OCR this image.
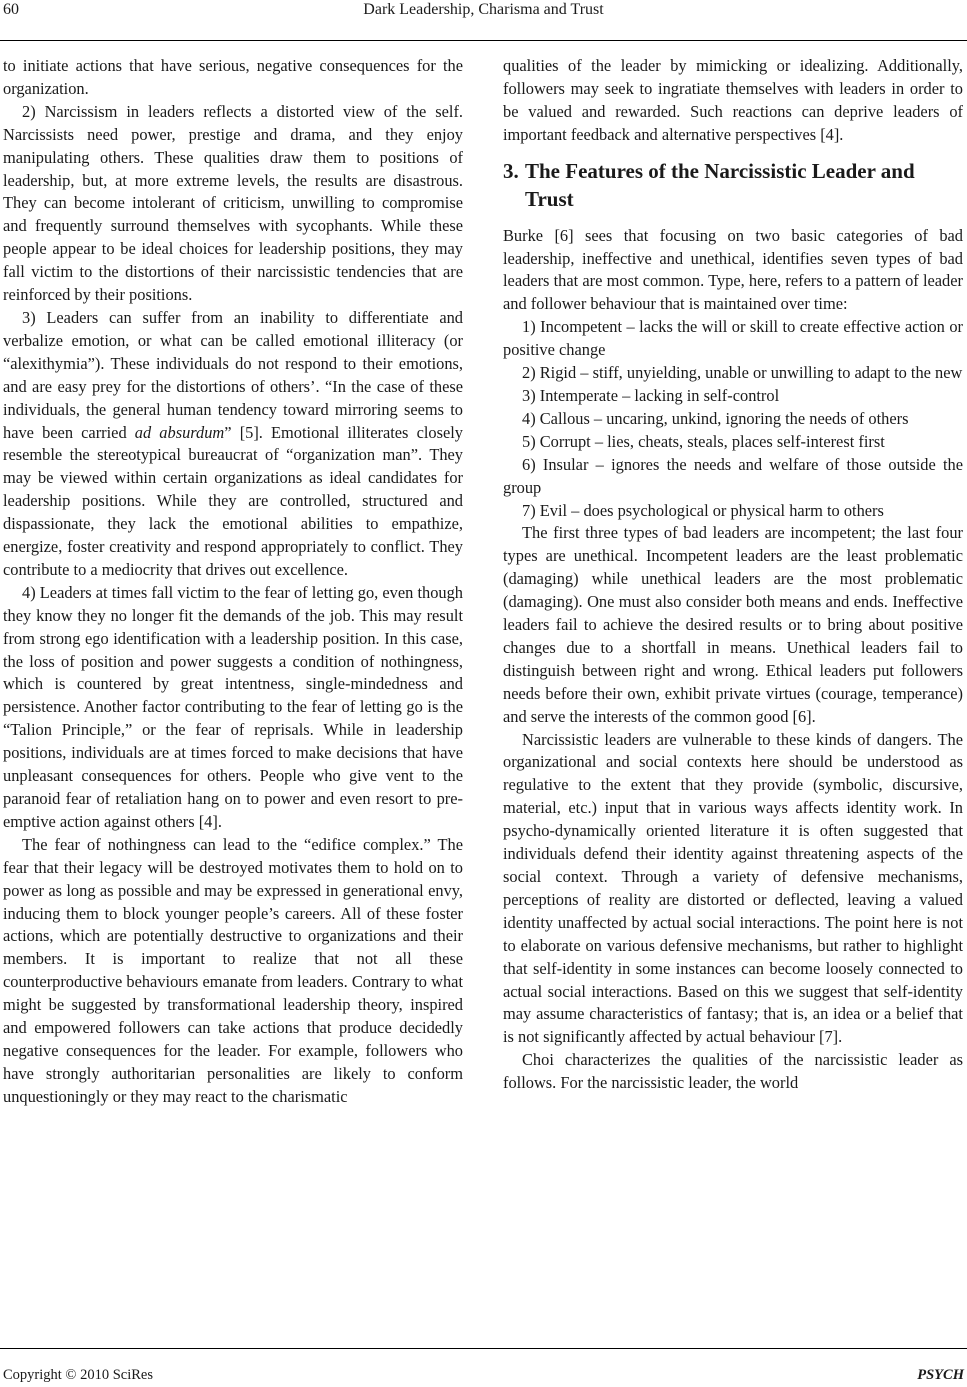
60	Dark Leadership, Charisma and Trust

to initiate actions that have serious, negative consequences for the organization.

2) Narcissism in leaders reflects a distorted view of the self. Narcissists need power, prestige and drama, and they enjoy manipulating others. These qualities draw them to positions of leadership, but, at more extreme levels, the results are disastrous. They can become intolerant of criticism, unwilling to compromise and frequently surround themselves with sycophants. While these people appear to be ideal choices for leadership positions, they may fall victim to the distortions of their narcissistic tendencies that are reinforced by their positions.

3) Leaders can suffer from an inability to differentiate and verbalize emotion, or what can be called emotional illiteracy (or “alexithymia”). These individuals do not respond to their emotions, and are easy prey for the distortions of others’. “In the case of these individuals, the general human tendency toward mirroring seems to have been carried ad absurdum” [5]. Emotional illiterates closely resemble the stereotypical bureaucrat of “organization man”. They may be viewed within certain organizations as ideal candidates for leadership positions. While they are controlled, structured and dispassionate, they lack the emotional abilities to empathize, energize, foster creativity and respond appropriately to conflict. They contribute to a mediocrity that drives out excellence.

4) Leaders at times fall victim to the fear of letting go, even though they know they no longer fit the demands of the job. This may result from strong ego identification with a leadership position. In this case, the loss of position and power suggests a condition of nothingness, which is countered by great intentness, single-mindedness and persistence. Another factor contributing to the fear of letting go is the “Talion Principle,” or the fear of reprisals. While in leadership positions, individuals are at times forced to make decisions that have unpleasant consequences for others. People who give vent to the paranoid fear of retaliation hang on to power and even resort to pre-emptive action against others [4].

The fear of nothingness can lead to the “edifice complex.” The fear that their legacy will be destroyed motivates them to hold on to power as long as possible and may be expressed in generational envy, inducing them to block younger people’s careers. All of these foster actions, which are potentially destructive to organizations and their members. It is important to realize that not all these counterproductive behaviours emanate from leaders. Contrary to what might be suggested by transformational leadership theory, inspired and empowered followers can take actions that produce decidedly negative consequences for the leader. For example, followers who have strongly authoritarian personalities are likely to conform unquestioningly or they may react to the charismatic

qualities of the leader by mimicking or idealizing. Additionally, followers may seek to ingratiate themselves with leaders in order to be valued and rewarded. Such reactions can deprive leaders of important feedback and alternative perspectives [4].

3. The Features of the Narcissistic Leader and Trust

Burke [6] sees that focusing on two basic categories of bad leadership, ineffective and unethical, identifies seven types of bad leaders that are most common. Type, here, refers to a pattern of leader and follower behaviour that is maintained over time:

1) Incompetent – lacks the will or skill to create effective action or positive change

2) Rigid – stiff, unyielding, unable or unwilling to adapt to the new

3) Intemperate – lacking in self-control

4) Callous – uncaring, unkind, ignoring the needs of others

5) Corrupt – lies, cheats, steals, places self-interest first

6) Insular – ignores the needs and welfare of those outside the group

7) Evil – does psychological or physical harm to others

The first three types of bad leaders are incompetent; the last four types are unethical. Incompetent leaders are the least problematic (damaging) while unethical leaders are the most problematic (damaging). One must also consider both means and ends. Ineffective leaders fail to achieve the desired results or to bring about positive changes due to a shortfall in means. Unethical leaders fail to distinguish between right and wrong. Ethical leaders put followers needs before their own, exhibit private virtues (courage, temperance) and serve the interests of the common good [6].

Narcissistic leaders are vulnerable to these kinds of dangers. The organizational and social contexts here should be understood as regulative to the extent that they provide (symbolic, discursive, material, etc.) input that in various ways affects identity work. In psycho-dynamically oriented literature it is often suggested that individuals defend their identity against threatening aspects of the social context. Through a variety of defensive mechanisms, perceptions of reality are distorted or deflected, leaving a valued identity unaffected by actual social interactions. The point here is not to elaborate on various defensive mechanisms, but rather to highlight that self-identity in some instances can become loosely connected to actual social interactions. Based on this we suggest that self-identity may assume characteristics of fantasy; that is, an idea or a belief that is not significantly affected by actual behaviour [7].

Choi characterizes the qualities of the narcissistic leader as follows. For the narcissistic leader, the world

Copyright © 2010 SciRes	PSYCH
